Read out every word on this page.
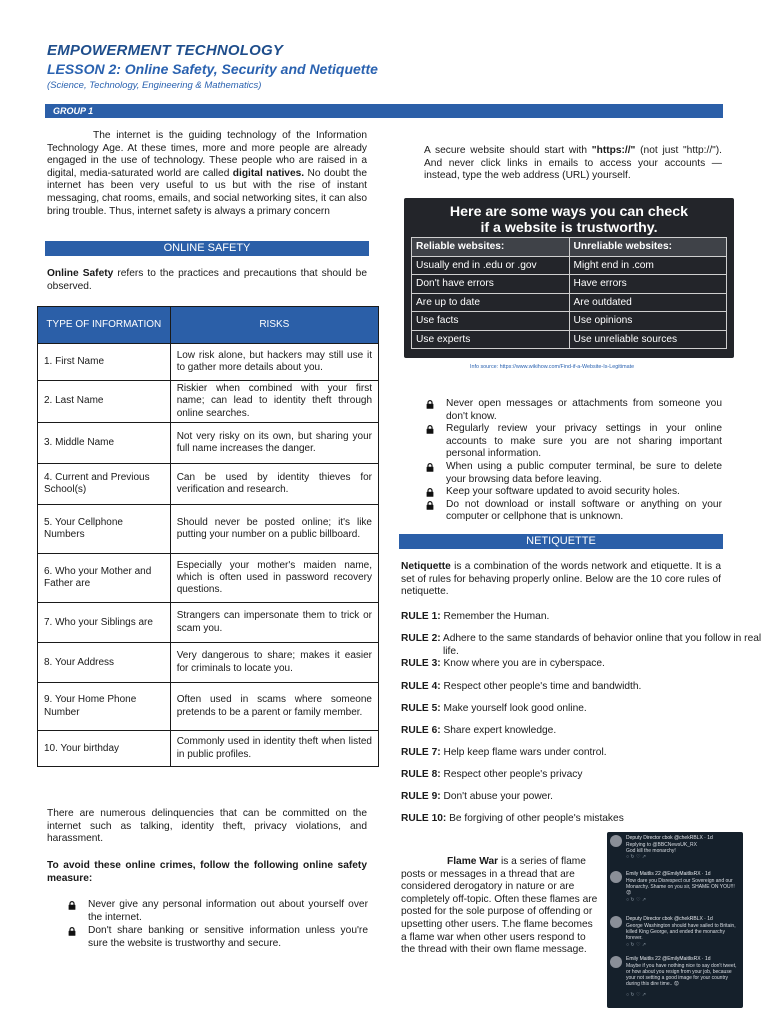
EMPOWERMENT TECHNOLOGY
LESSON 2: Online Safety, Security and Netiquette
(Science, Technology, Engineering & Mathematics)
GROUP 1
The internet is the guiding technology of the Information Technology Age. At these times, more and more people are already engaged in the use of technology. These people who are raised in a digital, media-saturated world are called digital natives. No doubt the internet has been very useful to us but with the rise of instant messaging, chat rooms, emails, and social networking sites, it can also bring trouble. Thus, internet safety is always a primary concern
ONLINE SAFETY
Online Safety refers to the practices and precautions that should be observed.
TYPE OF INFORMATION	RISKS
1. First Name	Low risk alone, but hackers may still use it to gather more details about you.
2. Last Name	Riskier when combined with your first name; can lead to identity theft through online searches.
3. Middle Name	Not very risky on its own, but sharing your full name increases the danger.
4. Current and Previous School(s)	Can be used by identity thieves for verification and research.
5. Your Cellphone Numbers	Should never be posted online; it's like putting your number on a public billboard.
6. Who your Mother and Father are	Especially your mother's maiden name, which is often used in password recovery questions.
7. Who your Siblings are	Strangers can impersonate them to trick or scam you.
8. Your Address	Very dangerous to share; makes it easier for criminals to locate you.
9. Your Home Phone Number	Often used in scams where someone pretends to be a parent or family member.
10. Your birthday	Commonly used in identity theft when listed in public profiles.
There are numerous delinquencies that can be committed on the internet such as talking, identity theft, privacy violations, and harassment.
To avoid these online crimes, follow the following online safety measure:
Never give any personal information out about yourself over the internet.
Don't share banking or sensitive information unless you're sure the website is trustworthy and secure.
A secure website should start with "https://" (not just "http://"). And never click links in emails to access your accounts — instead, type the web address (URL) yourself.
Here are some ways you can check
if a website is trustworthy.
Reliable websites:	Unreliable websites:
Usually end in .edu or .gov	Might end in .com
Don't have errors	Have errors
Are up to date	Are outdated
Use facts	Use opinions
Use experts	Use unreliable sources
Info source: https://www.wikihow.com/Find-if-a-Website-Is-Legitimate
Never open messages or attachments from someone you don't know.
Regularly review your privacy settings in your online accounts to make sure you are not sharing important personal information.
When using a public computer terminal, be sure to delete your browsing data before leaving.
Keep your software updated to avoid security holes.
Do not download or install software or anything on your computer or cellphone that is unknown.
NETIQUETTE
Netiquette is a combination of the words network and etiquette. It is a set of rules for behaving properly online. Below are the 10 core rules of netiquette.
RULE 1: Remember the Human.
RULE 2: Adhere to the same standards of behavior online that you follow in real life.
RULE 3: Know where you are in cyberspace.
RULE 4: Respect other people's time and bandwidth.
RULE 5: Make yourself look good online.
RULE 6: Share expert knowledge.
RULE 7: Help keep flame wars under control.
RULE 8: Respect other people's privacy
RULE 9: Don't abuse your power.
RULE 10: Be forgiving of other people's mistakes
Flame War is a series of flame posts or messages in a thread that are considered derogatory in nature or are completely off-topic. Often these flames are posted for the sole purpose of offending or upsetting other users. T.he flame becomes a flame war when other users respond to the thread with their own flame message.
Deputy Director cbok @chekRBLX · 1d
Replying to @BBCNewsUK_RX
God kill the monarchy!
○ ↻ ♡ ↗
Emily Maitlis 22 @EmilyMaitlisRX · 1d
How dare you Disrespect our Sovereign and our Monarchy. Shame on you sir, SHAME ON YOU!!! 😡
○ ↻ ♡ ↗
Deputy Director cbok @chekRBLX · 1d
George Washington should have sailed to Britain, killed King George, and ended the monarchy forever.
○ ↻ ♡ ↗
Emily Maitlis 22 @EmilyMaitlisRX · 1d
Maybe if you have nothing nice to say don't tweet, or how about you resign from your job, because your not setting a good image for your country during this dire time.. 😡
○ ↻ ♡ ↗
